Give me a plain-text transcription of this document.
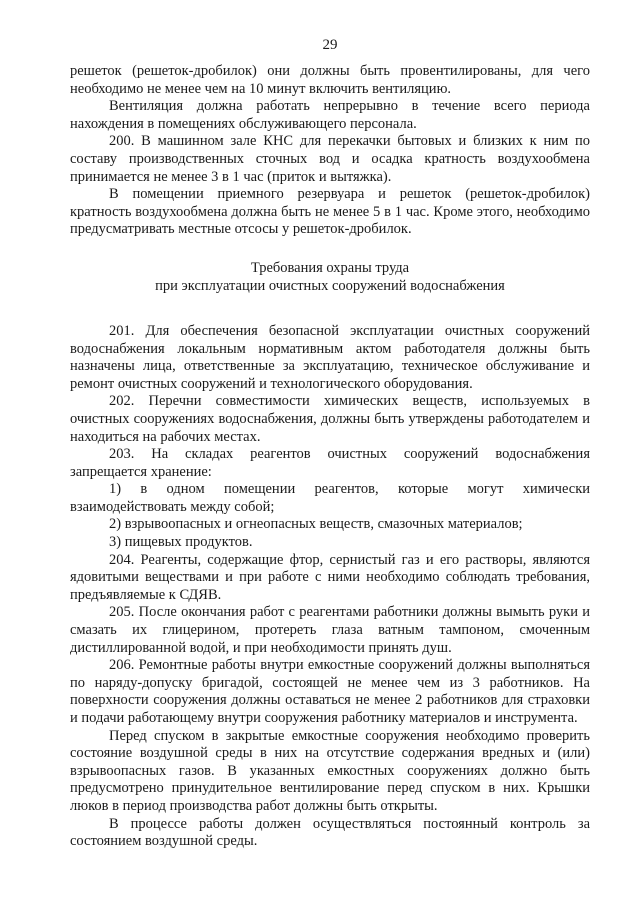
29

решеток (решеток-дробилок) они должны быть провентилированы, для чего необходимо не менее чем на 10 минут включить вентиляцию.

Вентиляция должна работать непрерывно в течение всего периода нахождения в помещениях обслуживающего персонала.

200. В машинном зале КНС для перекачки бытовых и близких к ним по составу производственных сточных вод и осадка кратность воздухообмена принимается не менее 3 в 1 час (приток и вытяжка).

В помещении приемного резервуара и решеток (решеток-дробилок) кратность воздухообмена должна быть не менее 5 в 1 час. Кроме этого, необходимо предусматривать местные отсосы у решеток-дробилок.

Требования охраны труда
при эксплуатации очистных сооружений водоснабжения

201. Для обеспечения безопасной эксплуатации очистных сооружений водоснабжения локальным нормативным актом работодателя должны быть назначены лица, ответственные за эксплуатацию, техническое обслуживание и ремонт очистных сооружений и технологического оборудования.

202. Перечни совместимости химических веществ, используемых в очистных сооружениях водоснабжения, должны быть утверждены работодателем и находиться на рабочих местах.

203. На складах реагентов очистных сооружений водоснабжения запрещается хранение:

1) в одном помещении реагентов, которые могут химически взаимодействовать между собой;

2) взрывоопасных и огнеопасных веществ, смазочных материалов;

3) пищевых продуктов.

204. Реагенты, содержащие фтор, сернистый газ и его растворы, являются ядовитыми веществами и при работе с ними необходимо соблюдать требования, предъявляемые к СДЯВ.

205. После окончания работ с реагентами работники должны вымыть руки и смазать их глицерином, протереть глаза ватным тампоном, смоченным дистиллированной водой, и при необходимости принять душ.

206. Ремонтные работы внутри емкостные сооружений должны выполняться по наряду-допуску бригадой, состоящей не менее чем из 3 работников. На поверхности сооружения должны оставаться не менее 2 работников для страховки и подачи работающему внутри сооружения работнику материалов и инструмента.

Перед спуском в закрытые емкостные сооружения необходимо проверить состояние воздушной среды в них на отсутствие содержания вредных и (или) взрывоопасных газов. В указанных емкостных сооружениях должно быть предусмотрено принудительное вентилирование перед спуском в них. Крышки люков в период производства работ должны быть открыты.

В процессе работы должен осуществляться постоянный контроль за состоянием воздушной среды.
